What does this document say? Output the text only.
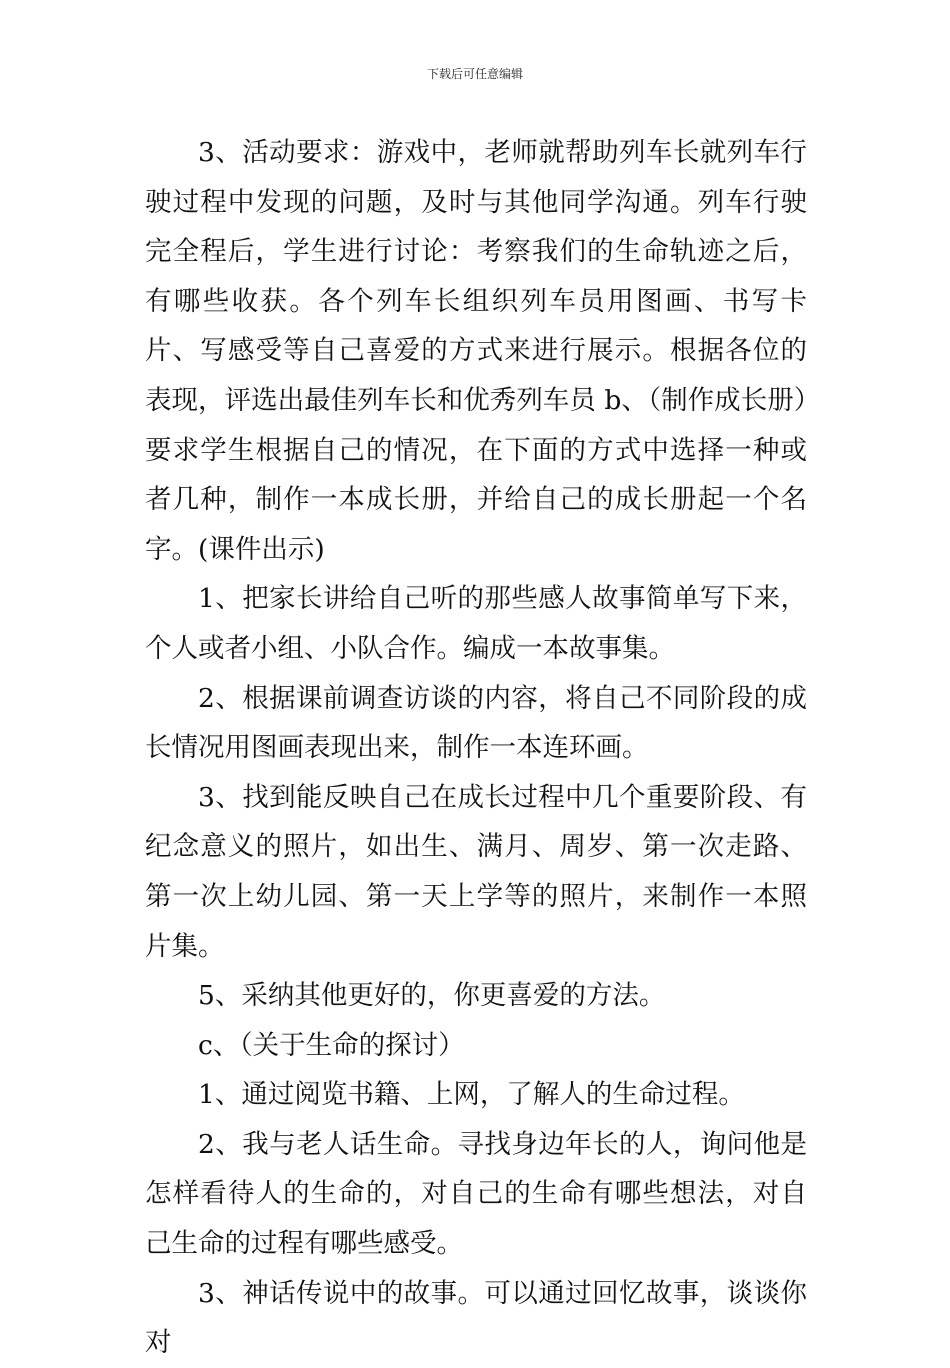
下载后可任意编辑

3、活动要求：游戏中，老师就帮助列车长就列车行驶过程中发现的问题，及时与其他同学沟通。列车行驶完全程后，学生进行讨论：考察我们的生命轨迹之后，有哪些收获。各个列车长组织列车员用图画、书写卡片、写感受等自己喜爱的方式来进行展示。根据各位的表现，评选出最佳列车长和优秀列车员 b、（制作成长册）要求学生根据自己的情况，在下面的方式中选择一种或者几种，制作一本成长册，并给自己的成长册起一个名字。(课件出示)

1、把家长讲给自己听的那些感人故事简单写下来，个人或者小组、小队合作。编成一本故事集。

2、根据课前调查访谈的内容，将自己不同阶段的成长情况用图画表现出来，制作一本连环画。

3、找到能反映自己在成长过程中几个重要阶段、有纪念意义的照片，如出生、满月、周岁、第一次走路、第一次上幼儿园、第一天上学等的照片，来制作一本照片集。

5、采纳其他更好的，你更喜爱的方法。

c、（关于生命的探讨）

1、通过阅览书籍、上网，了解人的生命过程。

2、我与老人话生命。寻找身边年长的人，询问他是怎样看待人的生命的，对自己的生命有哪些想法，对自己生命的过程有哪些感受。

3、神话传说中的故事。可以通过回忆故事，谈谈你对
